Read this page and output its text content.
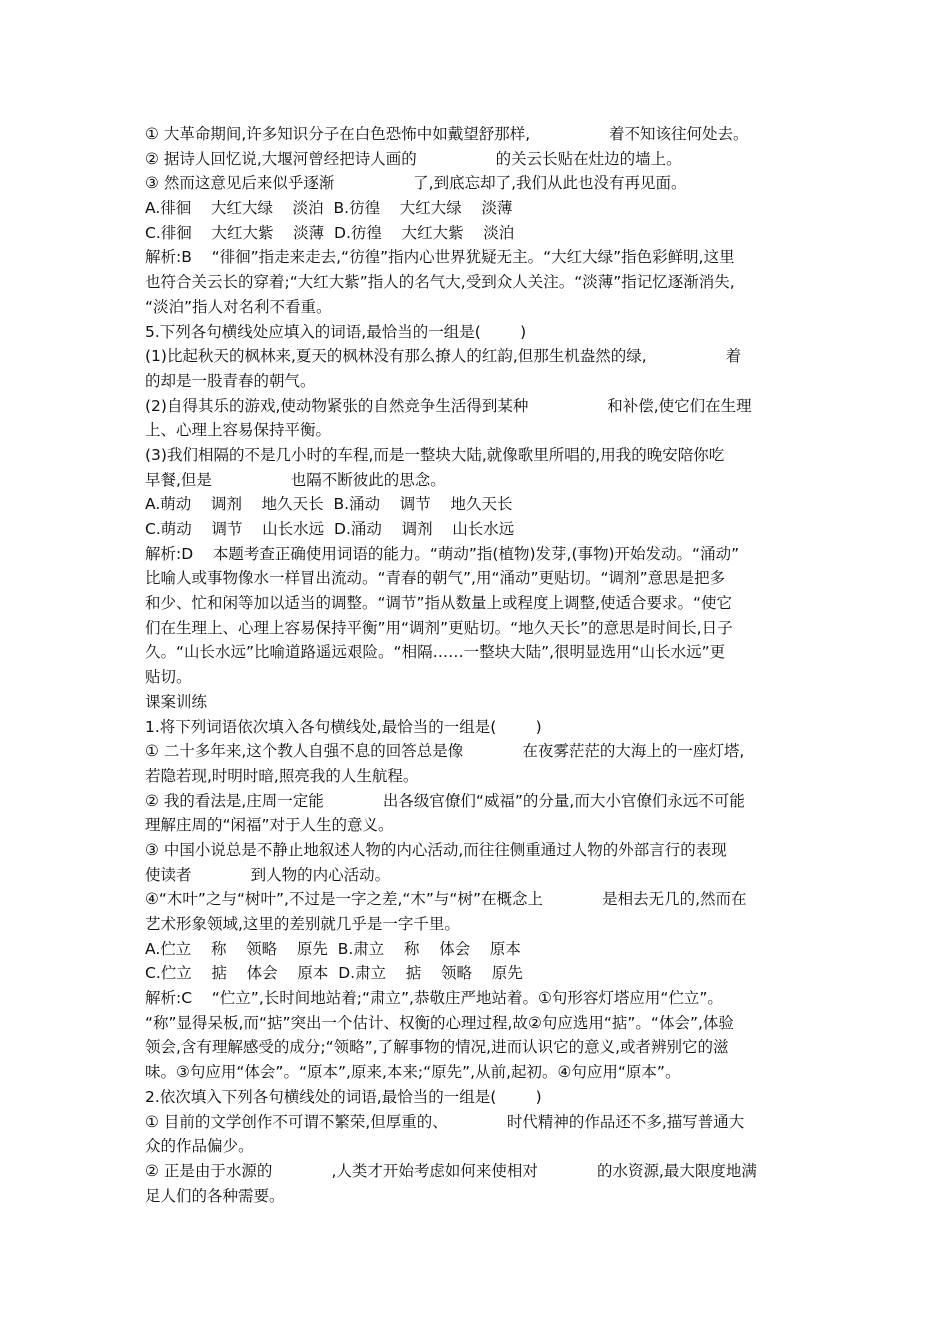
① 大革命期间,许多知识分子在白色恐怖中如戴望舒那样,                着不知该往何处去。
② 据诗人回忆说,大堰河曾经把诗人画的                的关云长贴在灶边的墙上。
③ 然而这意见后来似乎逐渐                了,到底忘却了,我们从此也没有再见面。
A.徘徊    大红大绿    淡泊  B.彷徨    大红大绿    淡薄
C.徘徊    大红大紫    淡薄  D.彷徨    大红大紫    淡泊
解析:B    “徘徊”指走来走去,“彷徨”指内心世界犹疑无主。“大红大绿”指色彩鲜明,这里
也符合关云长的穿着;“大红大紫”指人的名气大,受到众人关注。“淡薄”指记忆逐渐消失,
“淡泊”指人对名利不看重。
5.下列各句横线处应填入的词语,最恰当的一组是(        )
(1)比起秋天的枫林来,夏天的枫林没有那么撩人的红韵,但那生机盎然的绿,                着
的却是一股青春的朝气。
(2)自得其乐的游戏,使动物紧张的自然竞争生活得到某种                和补偿,使它们在生理
上、心理上容易保持平衡。
(3)我们相隔的不是几小时的车程,而是一整块大陆,就像歌里所唱的,用我的晚安陪你吃
早餐,但是                也隔不断彼此的思念。
A.萌动    调剂    地久天长  B.涌动    调节    地久天长
C.萌动    调节    山长水远  D.涌动    调剂    山长水远
解析:D    本题考查正确使用词语的能力。“萌动”指(植物)发芽,(事物)开始发动。“涌动”
比喻人或事物像水一样冒出流动。“青春的朝气”,用“涌动”更贴切。“调剂”意思是把多
和少、忙和闲等加以适当的调整。“调节”指从数量上或程度上调整,使适合要求。“使它
们在生理上、心理上容易保持平衡”用“调剂”更贴切。“地久天长”的意思是时间长,日子
久。“山长水远”比喻道路遥远艰险。“相隔……一整块大陆”,很明显选用“山长水远”更
贴切。
课案训练
1.将下列词语依次填入各句横线处,最恰当的一组是(        )
① 二十多年来,这个教人自强不息的回答总是像            在夜雾茫茫的大海上的一座灯塔,
若隐若现,时明时暗,照亮我的人生航程。
② 我的看法是,庄周一定能            出各级官僚们“威福”的分量,而大小官僚们永远不可能
理解庄周的“闲福”对于人生的意义。
③ 中国小说总是不静止地叙述人物的内心活动,而往往侧重通过人物的外部言行的表现
使读者            到人物的内心活动。
④“木叶”之与“树叶”,不过是一字之差,“木”与“树”在概念上            是相去无几的,然而在
艺术形象领域,这里的差别就几乎是一字千里。
A.伫立    称    领略    原先  B.肃立    称    体会    原本
C.伫立    掂    体会    原本  D.肃立    掂    领略    原先
解析:C    “伫立”,长时间地站着;“肃立”,恭敬庄严地站着。①句形容灯塔应用“伫立”。
“称”显得呆板,而“掂”突出一个估计、权衡的心理过程,故②句应选用“掂”。“体会”,体验
领会,含有理解感受的成分;“领略”,了解事物的情况,进而认识它的意义,或者辨别它的滋
味。③句应用“体会”。“原本”,原来,本来;“原先”,从前,起初。④句应用“原本”。
2.依次填入下列各句横线处的词语,最恰当的一组是(        )
① 目前的文学创作不可谓不繁荣,但厚重的、            时代精神的作品还不多,描写普通大
众的作品偏少。
② 正是由于水源的            ,人类才开始考虑如何来使相对            的水资源,最大限度地满
足人们的各种需要。
